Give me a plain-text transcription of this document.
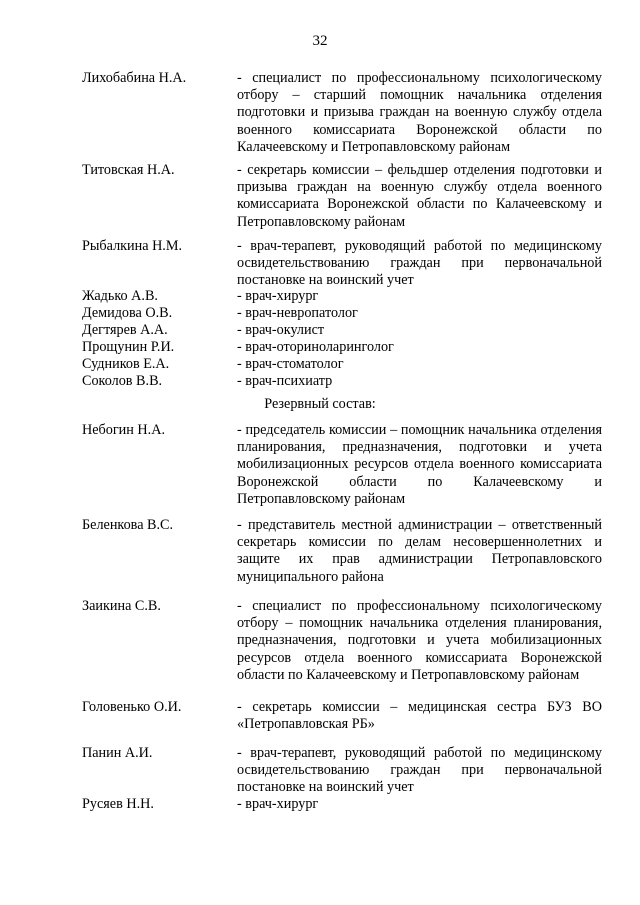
32
Лихобабина Н.А.	- специалист по профессиональному психологическому отбору – старший помощник начальника отделения подготовки и призыва граждан на военную службу отдела военного комиссариата Воронежской области по Калачеевскому и Петропавловскому районам
Титовская Н.А.	- секретарь комиссии – фельдшер отделения подготовки и призыва граждан на военную службу отдела военного комиссариата Воронежской области по Калачеевскому и Петропавловскому районам
Рыбалкина Н.М.	- врач-терапевт, руководящий работой по медицинскому освидетельствованию граждан при первоначальной постановке на воинский учет
Жадько А.В.	- врач-хирург
Демидова О.В.	- врач-невропатолог
Дегтярев А.А.	- врач-окулист
Прощунин Р.И.	- врач-оториноларинголог
Судников Е.А.	- врач-стоматолог
Соколов В.В.	- врач-психиатр
Резервный состав:
Небогин Н.А.	- председатель комиссии – помощник начальника отделения планирования, предназначения, подготовки и учета мобилизационных ресурсов отдела военного комиссариата Воронежской области по Калачеевскому и Петропавловскому районам
Беленкова В.С.	- представитель местной администрации – ответственный секретарь комиссии по делам несовершеннолетних и защите их прав администрации Петропавловского муниципального района
Заикина С.В.	- специалист по профессиональному психологическому отбору – помощник начальника отделения планирования, предназначения, подготовки и учета мобилизационных ресурсов отдела военного комиссариата Воронежской области по Калачеевскому и Петропавловскому районам
Головенько О.И.	- секретарь комиссии – медицинская сестра БУЗ ВО «Петропавловская РБ»
Панин А.И.	- врач-терапевт, руководящий работой по медицинскому освидетельствованию граждан при первоначальной постановке на воинский учет
Русяев Н.Н.	- врач-хирург
